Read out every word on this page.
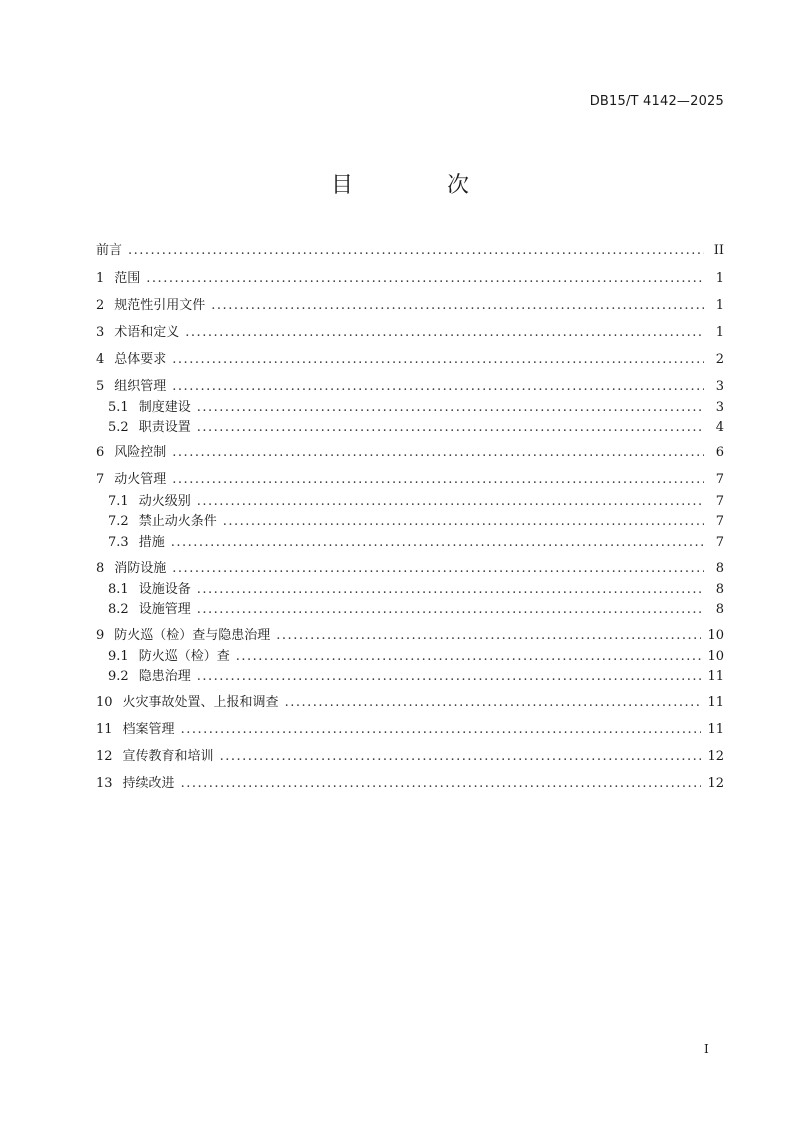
DB15/T 4142—2025
目　次
前言 .....	II
1 范围 .....	1
2 规范性引用文件 .....	1
3 术语和定义 .....	1
4 总体要求 .....	2
5 组织管理 .....	3
5.1 制度建设 .....	3
5.2 职责设置 .....	4
6 风险控制 .....	6
7 动火管理 .....	7
7.1 动火级别 .....	7
7.2 禁止动火条件 .....	7
7.3 措施 .....	7
8 消防设施 .....	8
8.1 设施设备 .....	8
8.2 设施管理 .....	8
9 防火巡（检）查与隐患治理 .....	10
9.1 防火巡（检）查 .....	10
9.2 隐患治理 .....	11
10 火灾事故处置、上报和调查 .....	11
11 档案管理 .....	11
12 宣传教育和培训 .....	12
13 持续改进 .....	12
I
